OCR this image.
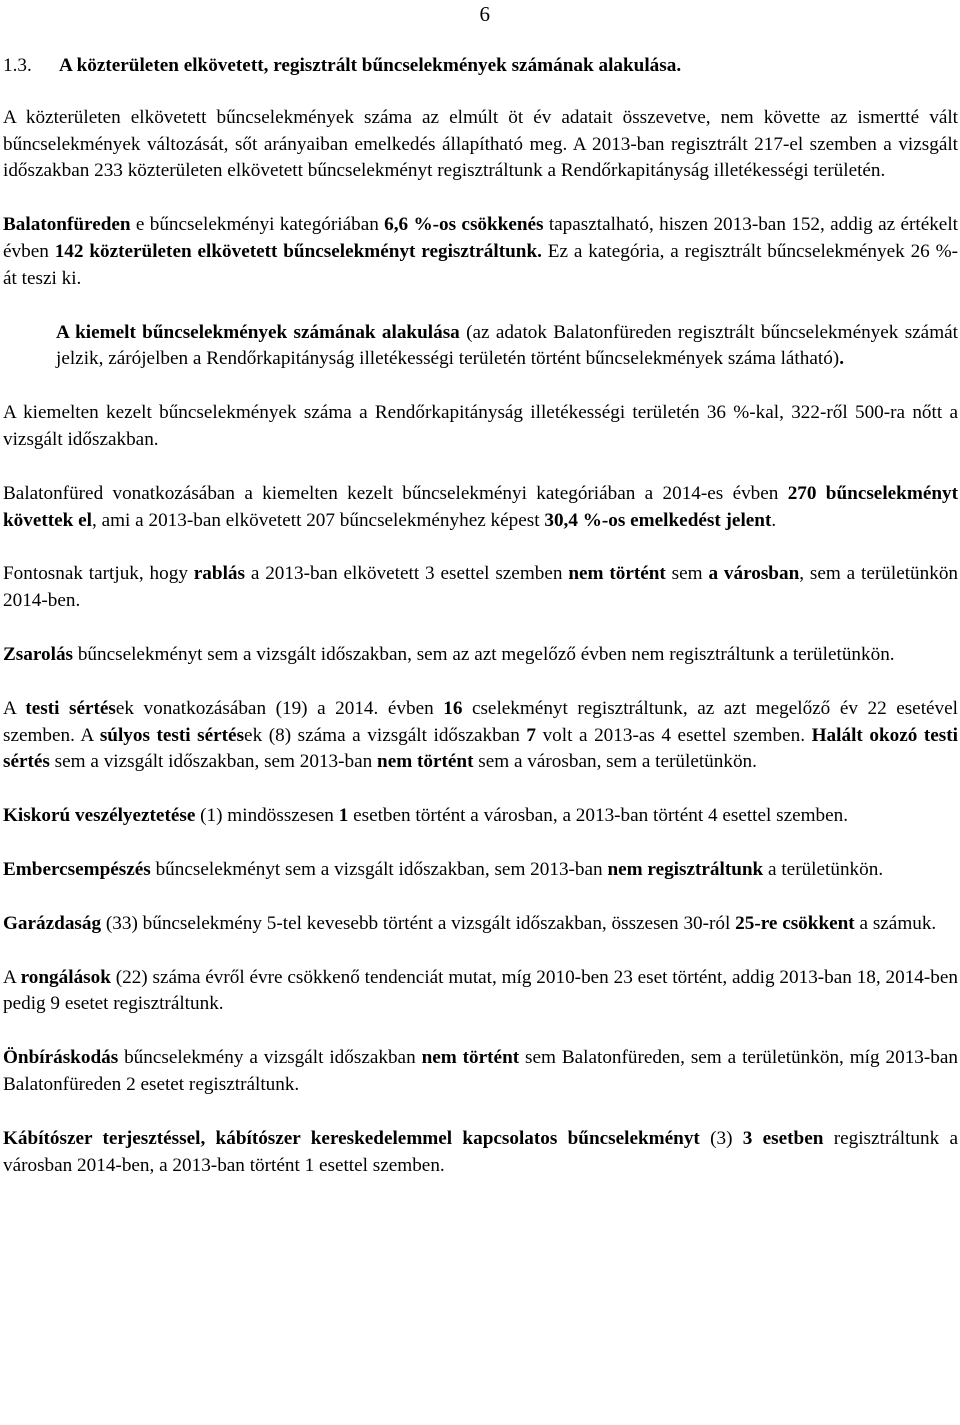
6

1.3. A közterületen elkövetett, regisztrált bűncselekmények számának alakulása.

A közterületen elkövetett bűncselekmények száma az elmúlt öt év adatait összevetve, nem követte az ismertté vált bűncselekmények változását, sőt arányaiban emelkedés állapítható meg. A 2013-ban regisztrált 217-el szemben a vizsgált időszakban 233 közterületen elkövetett bűncselekményt regisztráltunk a Rendőrkapitányság illetékességi területén.

Balatonfüreden e bűncselekményi kategóriában 6,6 %-os csökkenés tapasztalható, hiszen 2013-ban 152, addig az értékelt évben 142 közterületen elkövetett bűncselekményt regisztráltunk. Ez a kategória, a regisztrált bűncselekmények 26 %-át teszi ki.

A kiemelt bűncselekmények számának alakulása (az adatok Balatonfüreden regisztrált bűncselekmények számát jelzik, zárójelben a Rendőrkapitányság illetékességi területén történt bűncselekmények száma látható).

A kiemelten kezelt bűncselekmények száma a Rendőrkapitányság illetékességi területén 36 %-kal, 322-ről 500-ra nőtt a vizsgált időszakban.

Balatonfüred vonatkozásában a kiemelten kezelt bűncselekményi kategóriában a 2014-es évben 270 bűncselekményt követtek el, ami a 2013-ban elkövetett 207 bűncselekményhez képest 30,4 %-os emelkedést jelent.

Fontosnak tartjuk, hogy rablás a 2013-ban elkövetett 3 esettel szemben nem történt sem a városban, sem a területünkön 2014-ben.

Zsarolás bűncselekményt sem a vizsgált időszakban, sem az azt megelőző évben nem regisztráltunk a területünkön.

A testi sértések vonatkozásában (19) a 2014. évben 16 cselekményt regisztráltunk, az azt megelőző év 22 esetével szemben. A súlyos testi sértések (8) száma a vizsgált időszakban 7 volt a 2013-as 4 esettel szemben. Halált okozó testi sértés sem a vizsgált időszakban, sem 2013-ban nem történt sem a városban, sem a területünkön.

Kiskorú veszélyeztetése (1) mindösszesen 1 esetben történt a városban, a 2013-ban történt 4 esettel szemben.

Embercsempészés bűncselekményt sem a vizsgált időszakban, sem 2013-ban nem regisztráltunk a területünkön.

Garázdaság (33) bűncselekmény 5-tel kevesebb történt a vizsgált időszakban, összesen 30-ról 25-re csökkent a számuk.

A rongálások (22) száma évről évre csökkenő tendenciát mutat, míg 2010-ben 23 eset történt, addig 2013-ban 18, 2014-ben pedig 9 esetet regisztráltunk.

Önbíráskodás bűncselekmény a vizsgált időszakban nem történt sem Balatonfüreden, sem a területünkön, míg 2013-ban Balatonfüreden 2 esetet regisztráltunk.

Kábítószer terjesztéssel, kábítószer kereskedelemmel kapcsolatos bűncselekményt (3) 3 esetben regisztráltunk a városban 2014-ben, a 2013-ban történt 1 esettel szemben.
